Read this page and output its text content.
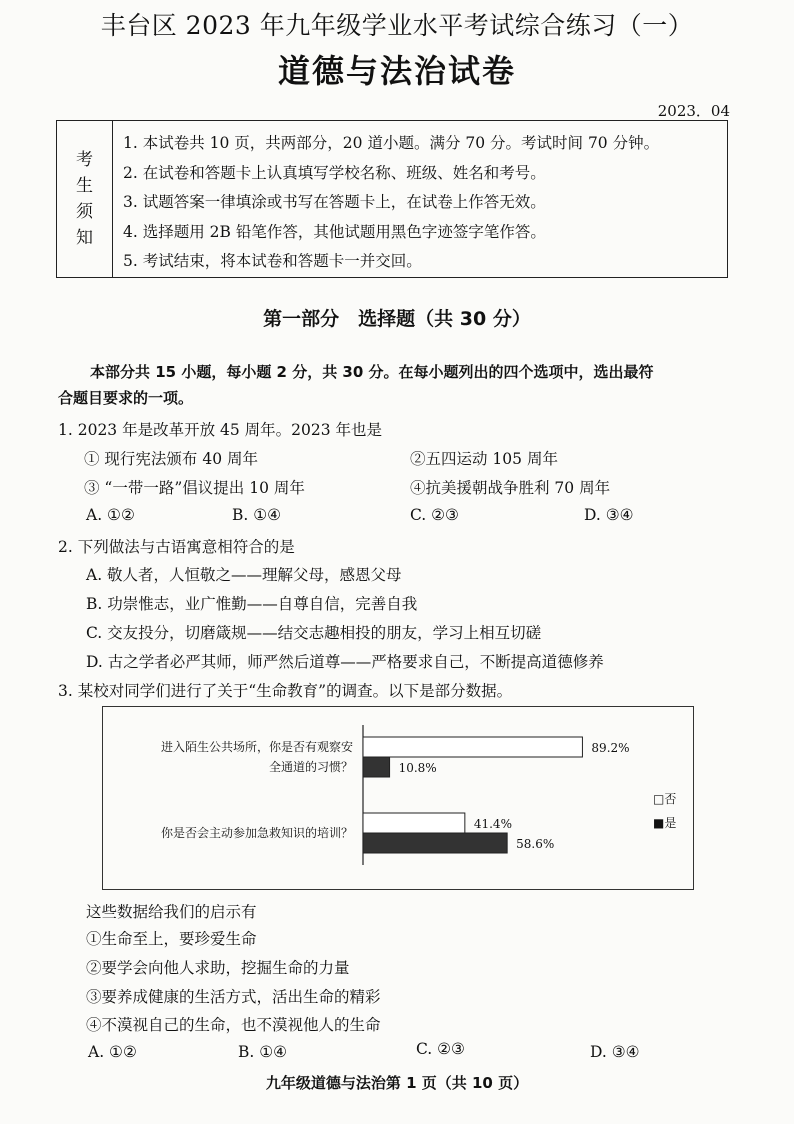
丰台区 2023 年九年级学业水平考试综合练习（一）
道德与法治试卷
2023．04
考
生
须
知
1. 本试卷共 10 页，共两部分，20 道小题。满分 70 分。考试时间 70 分钟。
2. 在试卷和答题卡上认真填写学校名称、班级、姓名和考号。
3. 试题答案一律填涂或书写在答题卡上，在试卷上作答无效。
4. 选择题用 2B 铅笔作答，其他试题用黑色字迹签字笔作答。
5. 考试结束，将本试卷和答题卡一并交回。
第一部分　选择题（共 30 分）
本部分共 15 小题，每小题 2 分，共 30 分。在每小题列出的四个选项中，选出最符
合题目要求的一项。
1. 2023 年是改革开放 45 周年。2023 年也是
① 现行宪法颁布 40 周年	②五四运动 105 周年
③ “一带一路”倡议提出 10 周年	④抗美援朝战争胜利 70 周年
A. ①②	B. ①④	C. ②③	D. ③④
2. 下列做法与古语寓意相符合的是
A. 敬人者，人恒敬之——理解父母，感恩父母
B. 功崇惟志，业广惟勤——自尊自信，完善自我
C. 交友投分，切磨箴规——结交志趣相投的朋友，学习上相互切磋
D. 古之学者必严其师，师严然后道尊——严格要求自己，不断提高道德修养
3. 某校对同学们进行了关于“生命教育”的调查。以下是部分数据。
进入陌生公共场所，你是否有观察安
全通道的习惯？
89.2%
10.8%
你是否会主动参加急救知识的培训？
41.4%
58.6%
□否
■是
这些数据给我们的启示有
①生命至上，要珍爱生命
②要学会向他人求助，挖掘生命的力量
③要养成健康的生活方式，活出生命的精彩
④不漠视自己的生命，也不漠视他人的生命
A. ①②	B. ①④	C. ②③	D. ③④
九年级道德与法治第 1 页（共 10 页）
